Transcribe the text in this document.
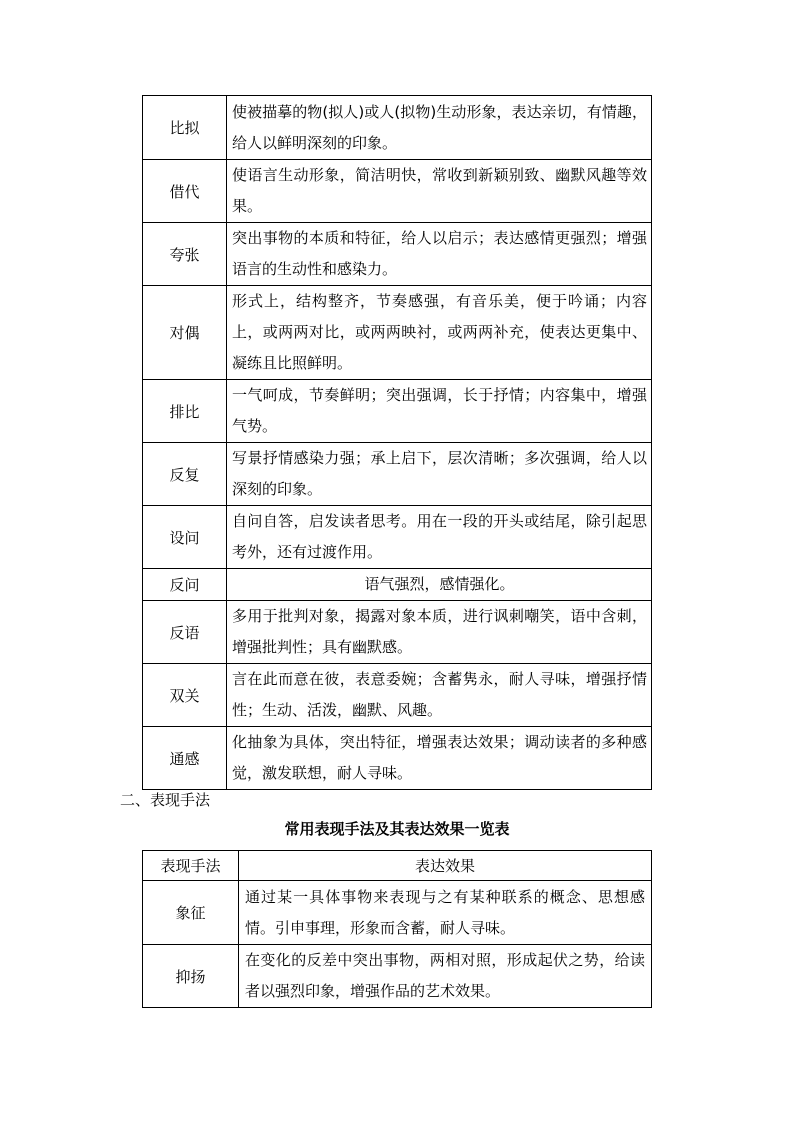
比拟	使被描摹的物(拟人)或人(拟物)生动形象，表达亲切，有情趣，给人以鲜明深刻的印象。
借代	使语言生动形象，简洁明快，常收到新颖别致、幽默风趣等效果。
夸张	突出事物的本质和特征，给人以启示；表达感情更强烈；增强语言的生动性和感染力。
对偶	形式上，结构整齐，节奏感强，有音乐美，便于吟诵；内容上，或两两对比，或两两映衬，或两两补充，使表达更集中、凝练且比照鲜明。
排比	一气呵成，节奏鲜明；突出强调，长于抒情；内容集中，增强气势。
反复	写景抒情感染力强；承上启下，层次清晰；多次强调，给人以深刻的印象。
设问	自问自答，启发读者思考。用在一段的开头或结尾，除引起思考外，还有过渡作用。
反问	语气强烈，感情强化。
反语	多用于批判对象，揭露对象本质，进行讽刺嘲笑，语中含刺，增强批判性；具有幽默感。
双关	言在此而意在彼，表意委婉；含蓄隽永，耐人寻味，增强抒情性；生动、活泼，幽默、风趣。
通感	化抽象为具体，突出特征，增强表达效果；调动读者的多种感觉，激发联想，耐人寻味。
二、表现手法
常用表现手法及其表达效果一览表
表现手法	表达效果
象征	通过某一具体事物来表现与之有某种联系的概念、思想感情。引申事理，形象而含蓄，耐人寻味。
抑扬	在变化的反差中突出事物，两相对照，形成起伏之势，给读者以强烈印象，增强作品的艺术效果。
